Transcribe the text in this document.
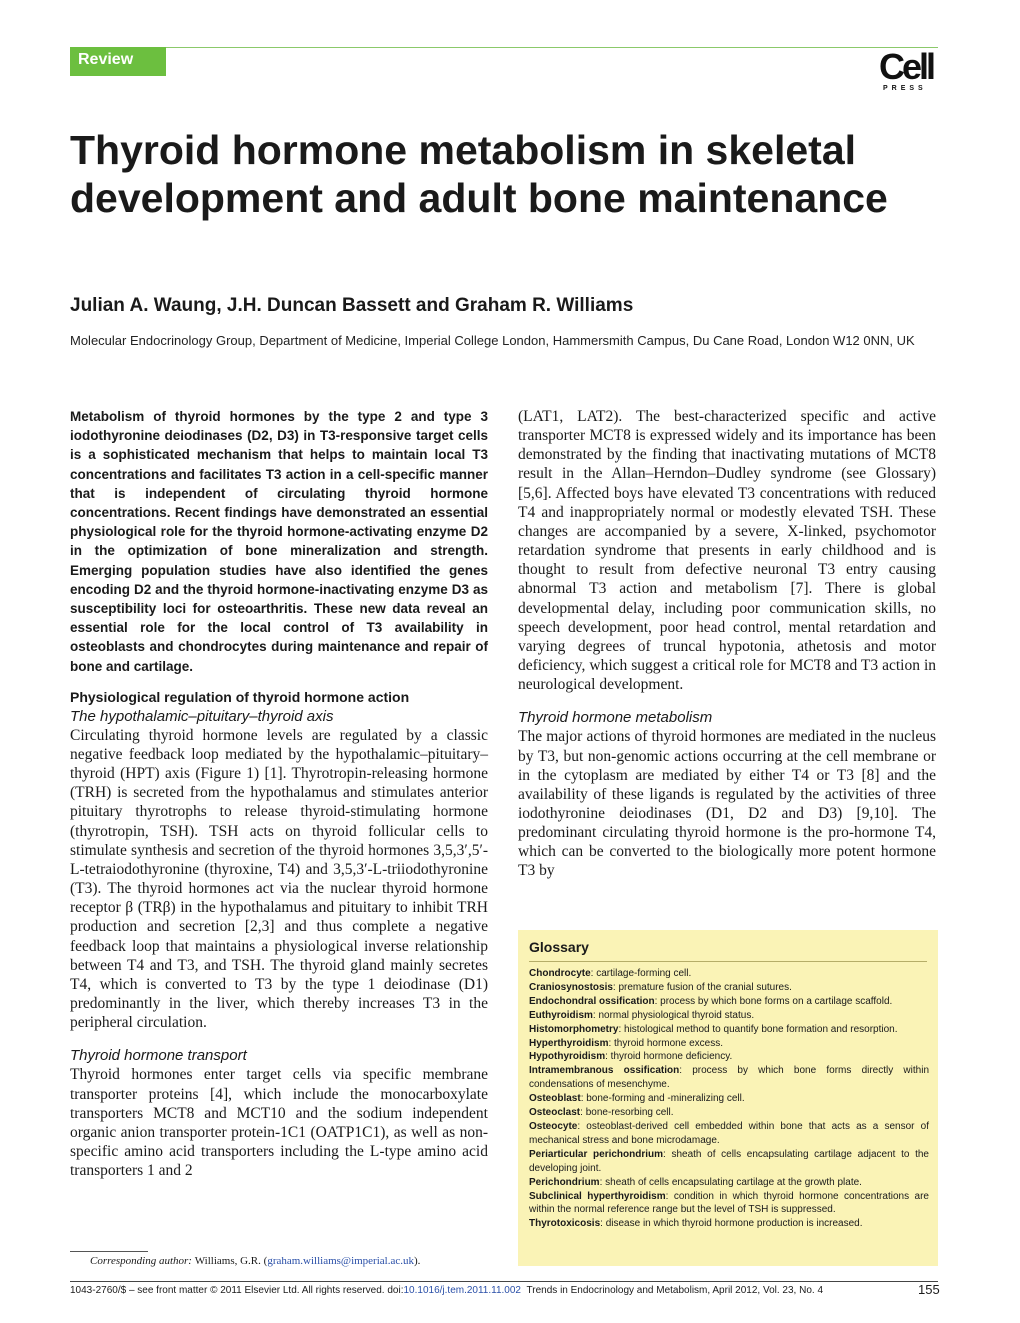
Review	Cell
PRESS
Thyroid hormone metabolism in skeletal development and adult bone maintenance

Julian A. Waung, J.H. Duncan Bassett and Graham R. Williams

Molecular Endocrinology Group, Department of Medicine, Imperial College London, Hammersmith Campus, Du Cane Road, London W12 0NN, UK

Metabolism of thyroid hormones by the type 2 and type 3 iodothyronine deiodinases (D2, D3) in T3-responsive target cells is a sophisticated mechanism that helps to maintain local T3 concentrations and facilitates T3 action in a cell-specific manner that is independent of circulating thyroid hormone concentrations. Recent findings have demonstrated an essential physiological role for the thyroid hormone-activating enzyme D2 in the optimization of bone mineralization and strength. Emerging population studies have also identified the genes encoding D2 and the thyroid hormone-inactivating enzyme D3 as susceptibility loci for osteoarthritis. These new data reveal an essential role for the local control of T3 availability in osteoblasts and chondrocytes during maintenance and repair of bone and cartilage.

Physiological regulation of thyroid hormone action

The hypothalamic–pituitary–thyroid axis

Circulating thyroid hormone levels are regulated by a classic negative feedback loop mediated by the hypothalamic–pituitary–thyroid (HPT) axis (Figure 1) [1]. Thyrotropin-releasing hormone (TRH) is secreted from the hypothalamus and stimulates anterior pituitary thyrotrophs to release thyroid-stimulating hormone (thyrotropin, TSH). TSH acts on thyroid follicular cells to stimulate synthesis and secretion of the thyroid hormones 3,5,3′,5′-L-tetraiodothyronine (thyroxine, T4) and 3,5,3′-L-triiodothyronine (T3). The thyroid hormones act via the nuclear thyroid hormone receptor β (TRβ) in the hypothalamus and pituitary to inhibit TRH production and secretion [2,3] and thus complete a negative feedback loop that maintains a physiological inverse relationship between T4 and T3, and TSH. The thyroid gland mainly secretes T4, which is converted to T3 by the type 1 deiodinase (D1) predominantly in the liver, which thereby increases T3 in the peripheral circulation.

Thyroid hormone transport

Thyroid hormones enter target cells via specific membrane transporter proteins [4], which include the monocarboxylate transporters MCT8 and MCT10 and the sodium independent organic anion transporter protein-1C1 (OATP1C1), as well as non-specific amino acid transporters including the L-type amino acid transporters 1 and 2

(LAT1, LAT2). The best-characterized specific and active transporter MCT8 is expressed widely and its importance has been demonstrated by the finding that inactivating mutations of MCT8 result in the Allan–Herndon–Dudley syndrome (see Glossary) [5,6]. Affected boys have elevated T3 concentrations with reduced T4 and inappropriately normal or modestly elevated TSH. These changes are accompanied by a severe, X-linked, psychomotor retardation syndrome that presents in early childhood and is thought to result from defective neuronal T3 entry causing abnormal T3 action and metabolism [7]. There is global developmental delay, including poor communication skills, no speech development, poor head control, mental retardation and varying degrees of truncal hypotonia, athetosis and motor deficiency, which suggest a critical role for MCT8 and T3 action in neurological development.

Thyroid hormone metabolism

The major actions of thyroid hormones are mediated in the nucleus by T3, but non-genomic actions occurring at the cell membrane or in the cytoplasm are mediated by either T4 or T3 [8] and the availability of these ligands is regulated by the activities of three iodothyronine deiodinases (D1, D2 and D3) [9,10]. The predominant circulating thyroid hormone is the pro-hormone T4, which can be converted to the biologically more potent hormone T3 by

Glossary

Chondrocyte: cartilage-forming cell.

Craniosynostosis: premature fusion of the cranial sutures.

Endochondral ossification: process by which bone forms on a cartilage scaffold.

Euthyroidism: normal physiological thyroid status.

Histomorphometry: histological method to quantify bone formation and resorption.

Hyperthyroidism: thyroid hormone excess.

Hypothyroidism: thyroid hormone deficiency.

Intramembranous ossification: process by which bone forms directly within condensations of mesenchyme.

Osteoblast: bone-forming and -mineralizing cell.

Osteoclast: bone-resorbing cell.

Osteocyte: osteoblast-derived cell embedded within bone that acts as a sensor of mechanical stress and bone microdamage.

Periarticular perichondrium: sheath of cells encapsulating cartilage adjacent to the developing joint.

Perichondrium: sheath of cells encapsulating cartilage at the growth plate.

Subclinical hyperthyroidism: condition in which thyroid hormone concentrations are within the normal reference range but the level of TSH is suppressed.

Thyrotoxicosis: disease in which thyroid hormone production is increased.

Corresponding author: Williams, G.R. (graham.williams@imperial.ac.uk).
1043-2760/$ – see front matter © 2011 Elsevier Ltd. All rights reserved. doi:10.1016/j.tem.2011.11.002 Trends in Endocrinology and Metabolism, April 2012, Vol. 23, No. 4	155
